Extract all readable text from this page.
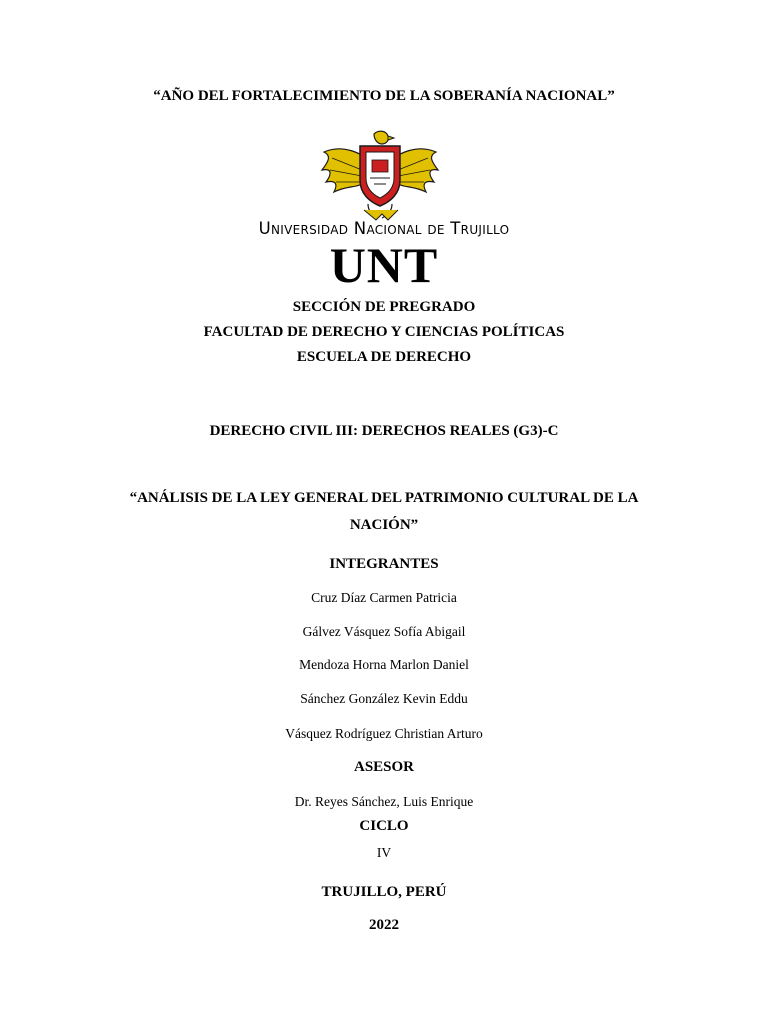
“AÑO DEL FORTALECIMIENTO DE LA SOBERANÍA NACIONAL”
Universidad Nacional de Trujillo
UNT
SECCIÓN DE PREGRADO
FACULTAD DE DERECHO Y CIENCIAS POLÍTICAS
ESCUELA DE DERECHO
DERECHO CIVIL III: DERECHOS REALES (G3)-C
“ANÁLISIS DE LA LEY GENERAL DEL PATRIMONIO CULTURAL DE LA
NACIÓN”
INTEGRANTES
Cruz Díaz Carmen Patricia
Gálvez Vásquez Sofía Abigail
Mendoza Horna Marlon Daniel
Sánchez González Kevin Eddu
Vásquez Rodríguez Christian Arturo
ASESOR
Dr. Reyes Sánchez, Luis Enrique
CICLO
IV
TRUJILLO, PERÚ
2022
